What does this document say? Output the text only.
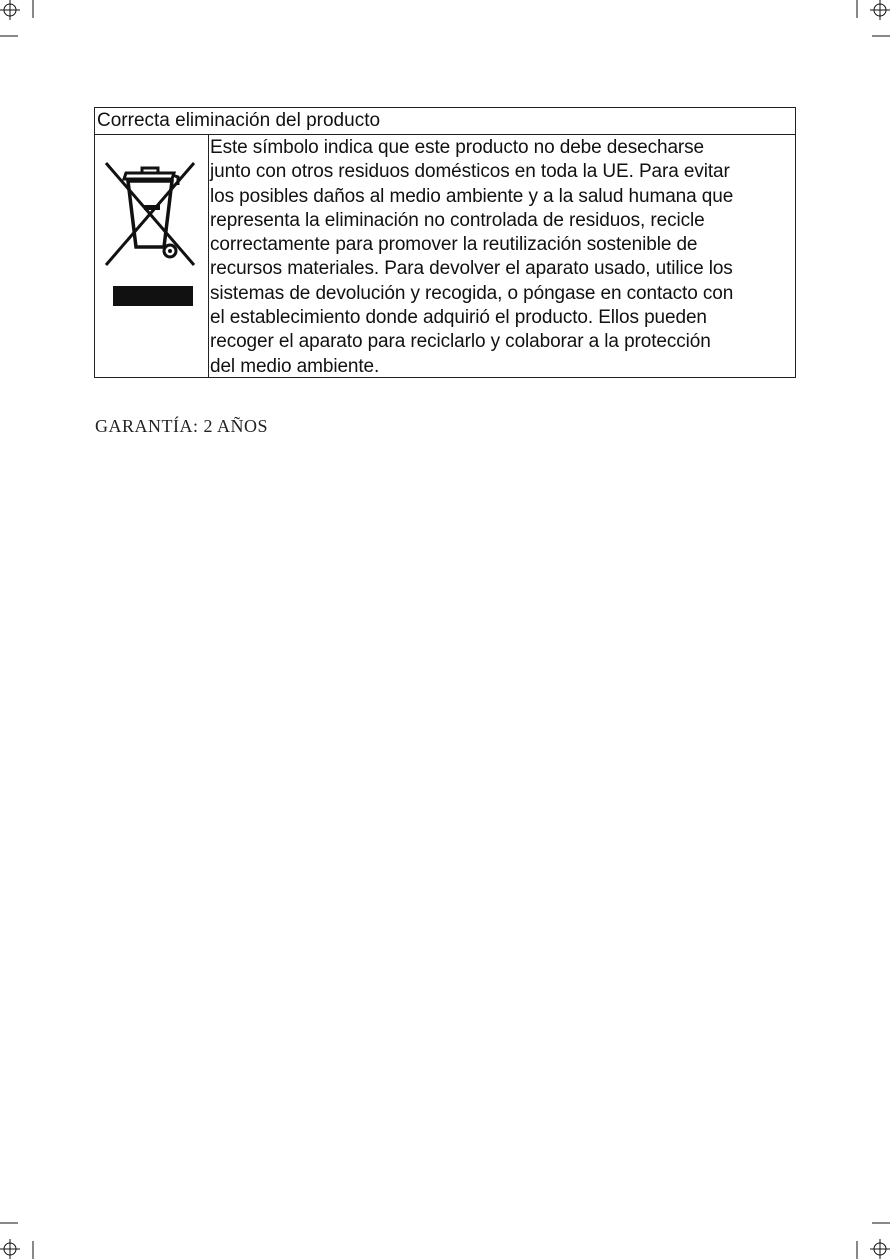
Correcta eliminación del producto
Este símbolo indica que este producto no debe desecharse
junto con otros residuos domésticos en toda la UE. Para evitar
los posibles daños al medio ambiente y a la salud humana que
representa la eliminación no controlada de residuos, recicle
correctamente para promover la reutilización sostenible de
recursos materiales. Para devolver el aparato usado, utilice los
sistemas de devolución y recogida, o póngase en contacto con
el establecimiento donde adquirió el producto. Ellos pueden
recoger el aparato para reciclarlo y colaborar a la protección
del medio ambiente.
GARANTÍA: 2 AÑOS
